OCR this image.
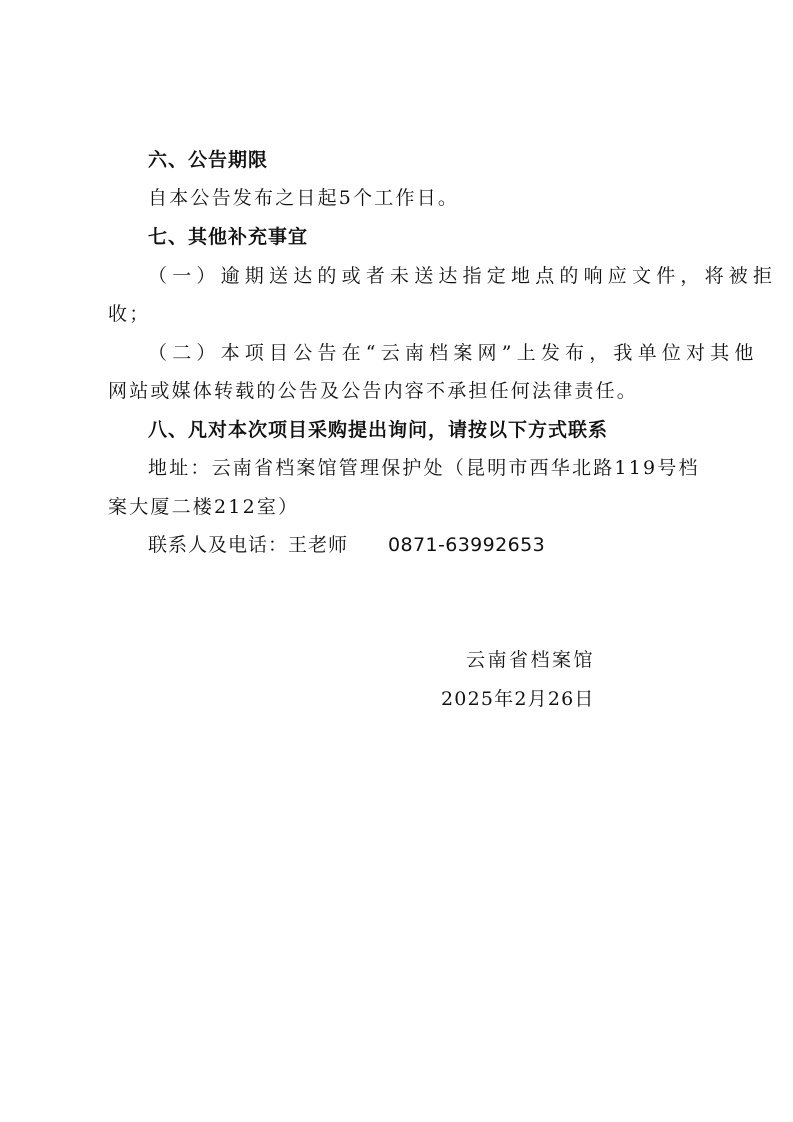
六、公告期限
自本公告发布之日起5个工作日。
七、其他补充事宜
（一）逾期送达的或者未送达指定地点的响应文件，将被拒
收；
（二）本项目公告在“云南档案网”上发布，我单位对其他
网站或媒体转载的公告及公告内容不承担任何法律责任。
八、凡对本次项目采购提出询问，请按以下方式联系
地址：云南省档案馆管理保护处（昆明市西华北路119号档
案大厦二楼212室）
联系人及电话：王老师 0871-63992653
云南省档案馆
2025年2月26日
